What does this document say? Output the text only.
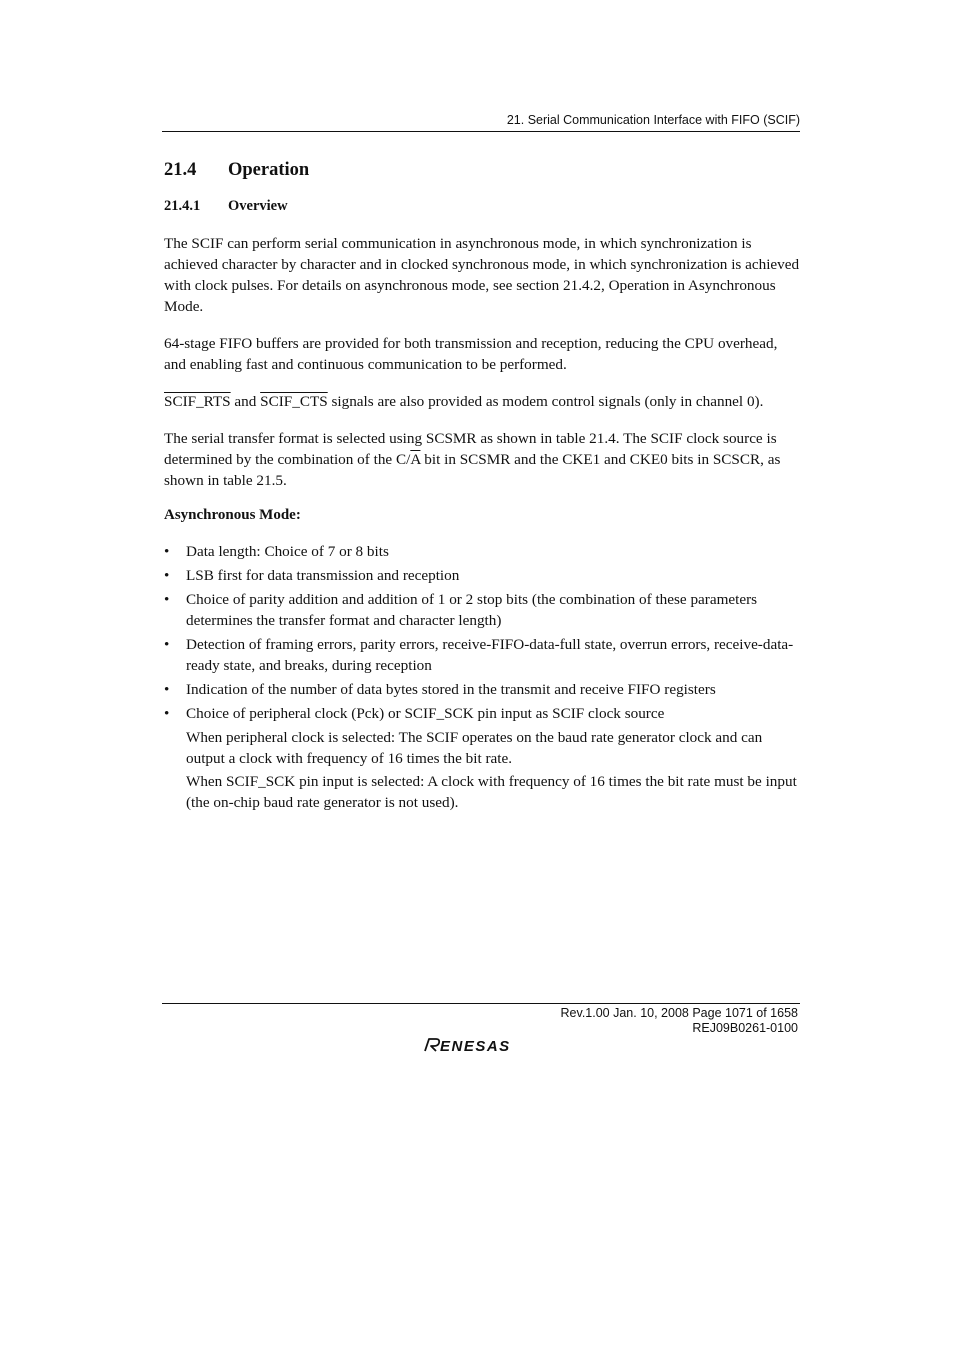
21. Serial Communication Interface with FIFO (SCIF)
21.4	Operation
21.4.1	Overview

The SCIF can perform serial communication in asynchronous mode, in which synchronization is achieved character by character and in clocked synchronous mode, in which synchronization is achieved with clock pulses. For details on asynchronous mode, see section 21.4.2, Operation in Asynchronous Mode.

64-stage FIFO buffers are provided for both transmission and reception, reducing the CPU overhead, and enabling fast and continuous communication to be performed.

SCIF_RTS and SCIF_CTS signals are also provided as modem control signals (only in channel 0).

The serial transfer format is selected using SCSMR as shown in table 21.4. The SCIF clock source is determined by the combination of the $C/\overline{A}$ bit in SCSMR and the CKE1 and CKE0 bits in SCSCR, as shown in table 21.5.

Asynchronous Mode:
• Data length: Choice of 7 or 8 bits
• LSB first for data transmission and reception
• Choice of parity addition and addition of 1 or 2 stop bits (the combination of these parameters determines the transfer format and character length)
• Detection of framing errors, parity errors, receive-FIFO-data-full state, overrun errors, receive-data-ready state, and breaks, during reception
• Indication of the number of data bytes stored in the transmit and receive FIFO registers
• Choice of peripheral clock (Pck) or SCIF_SCK pin input as SCIF clock source
When peripheral clock is selected: The SCIF operates on the baud rate generator clock and can output a clock with frequency of 16 times the bit rate.
When SCIF_SCK pin input is selected: A clock with frequency of 16 times the bit rate must be input (the on-chip baud rate generator is not used).
Rev.1.00 Jan. 10, 2008 Page 1071 of 1658
REJ09B0261-0100
ENESAS
